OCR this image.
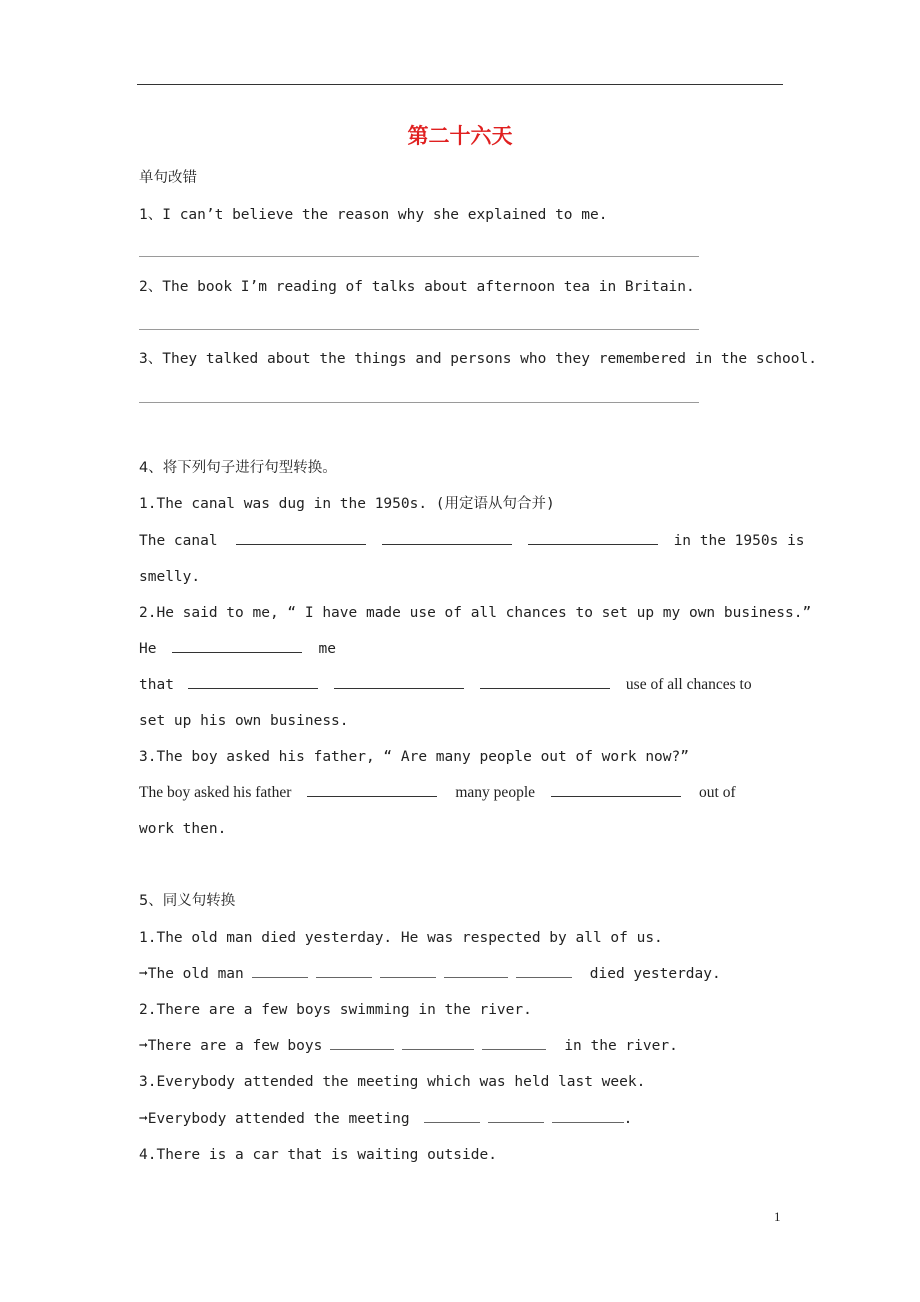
第二十六天
单句改错
1、I can’t believe the reason why she explained to me.
2、The book I’m reading of talks about afternoon tea in Britain.
3、They talked about the things and persons who they remembered in the school.
4、将下列句子进行句型转换。
1.The canal was dug in the 1950s. (用定语从句合并)
The canal	in the 1950s is
smelly.
2.He said to me, “ I have made use of all chances to set up my own business.”
He	me
that	use of all chances to
set up his own business.
3.The boy asked his father, “ Are many people out of work now?”
The boy asked his father	many people	out of
work then.
5、同义句转换
1.The old man died yesterday. He was respected by all of us.
➞The old man	died yesterday.
2.There are a few boys swimming in the river.
➞There are a few boys	in the river.
3.Everybody attended the meeting which was held last week.
➞Everybody attended the meeting	.
4.There is a car that is waiting outside.
1
